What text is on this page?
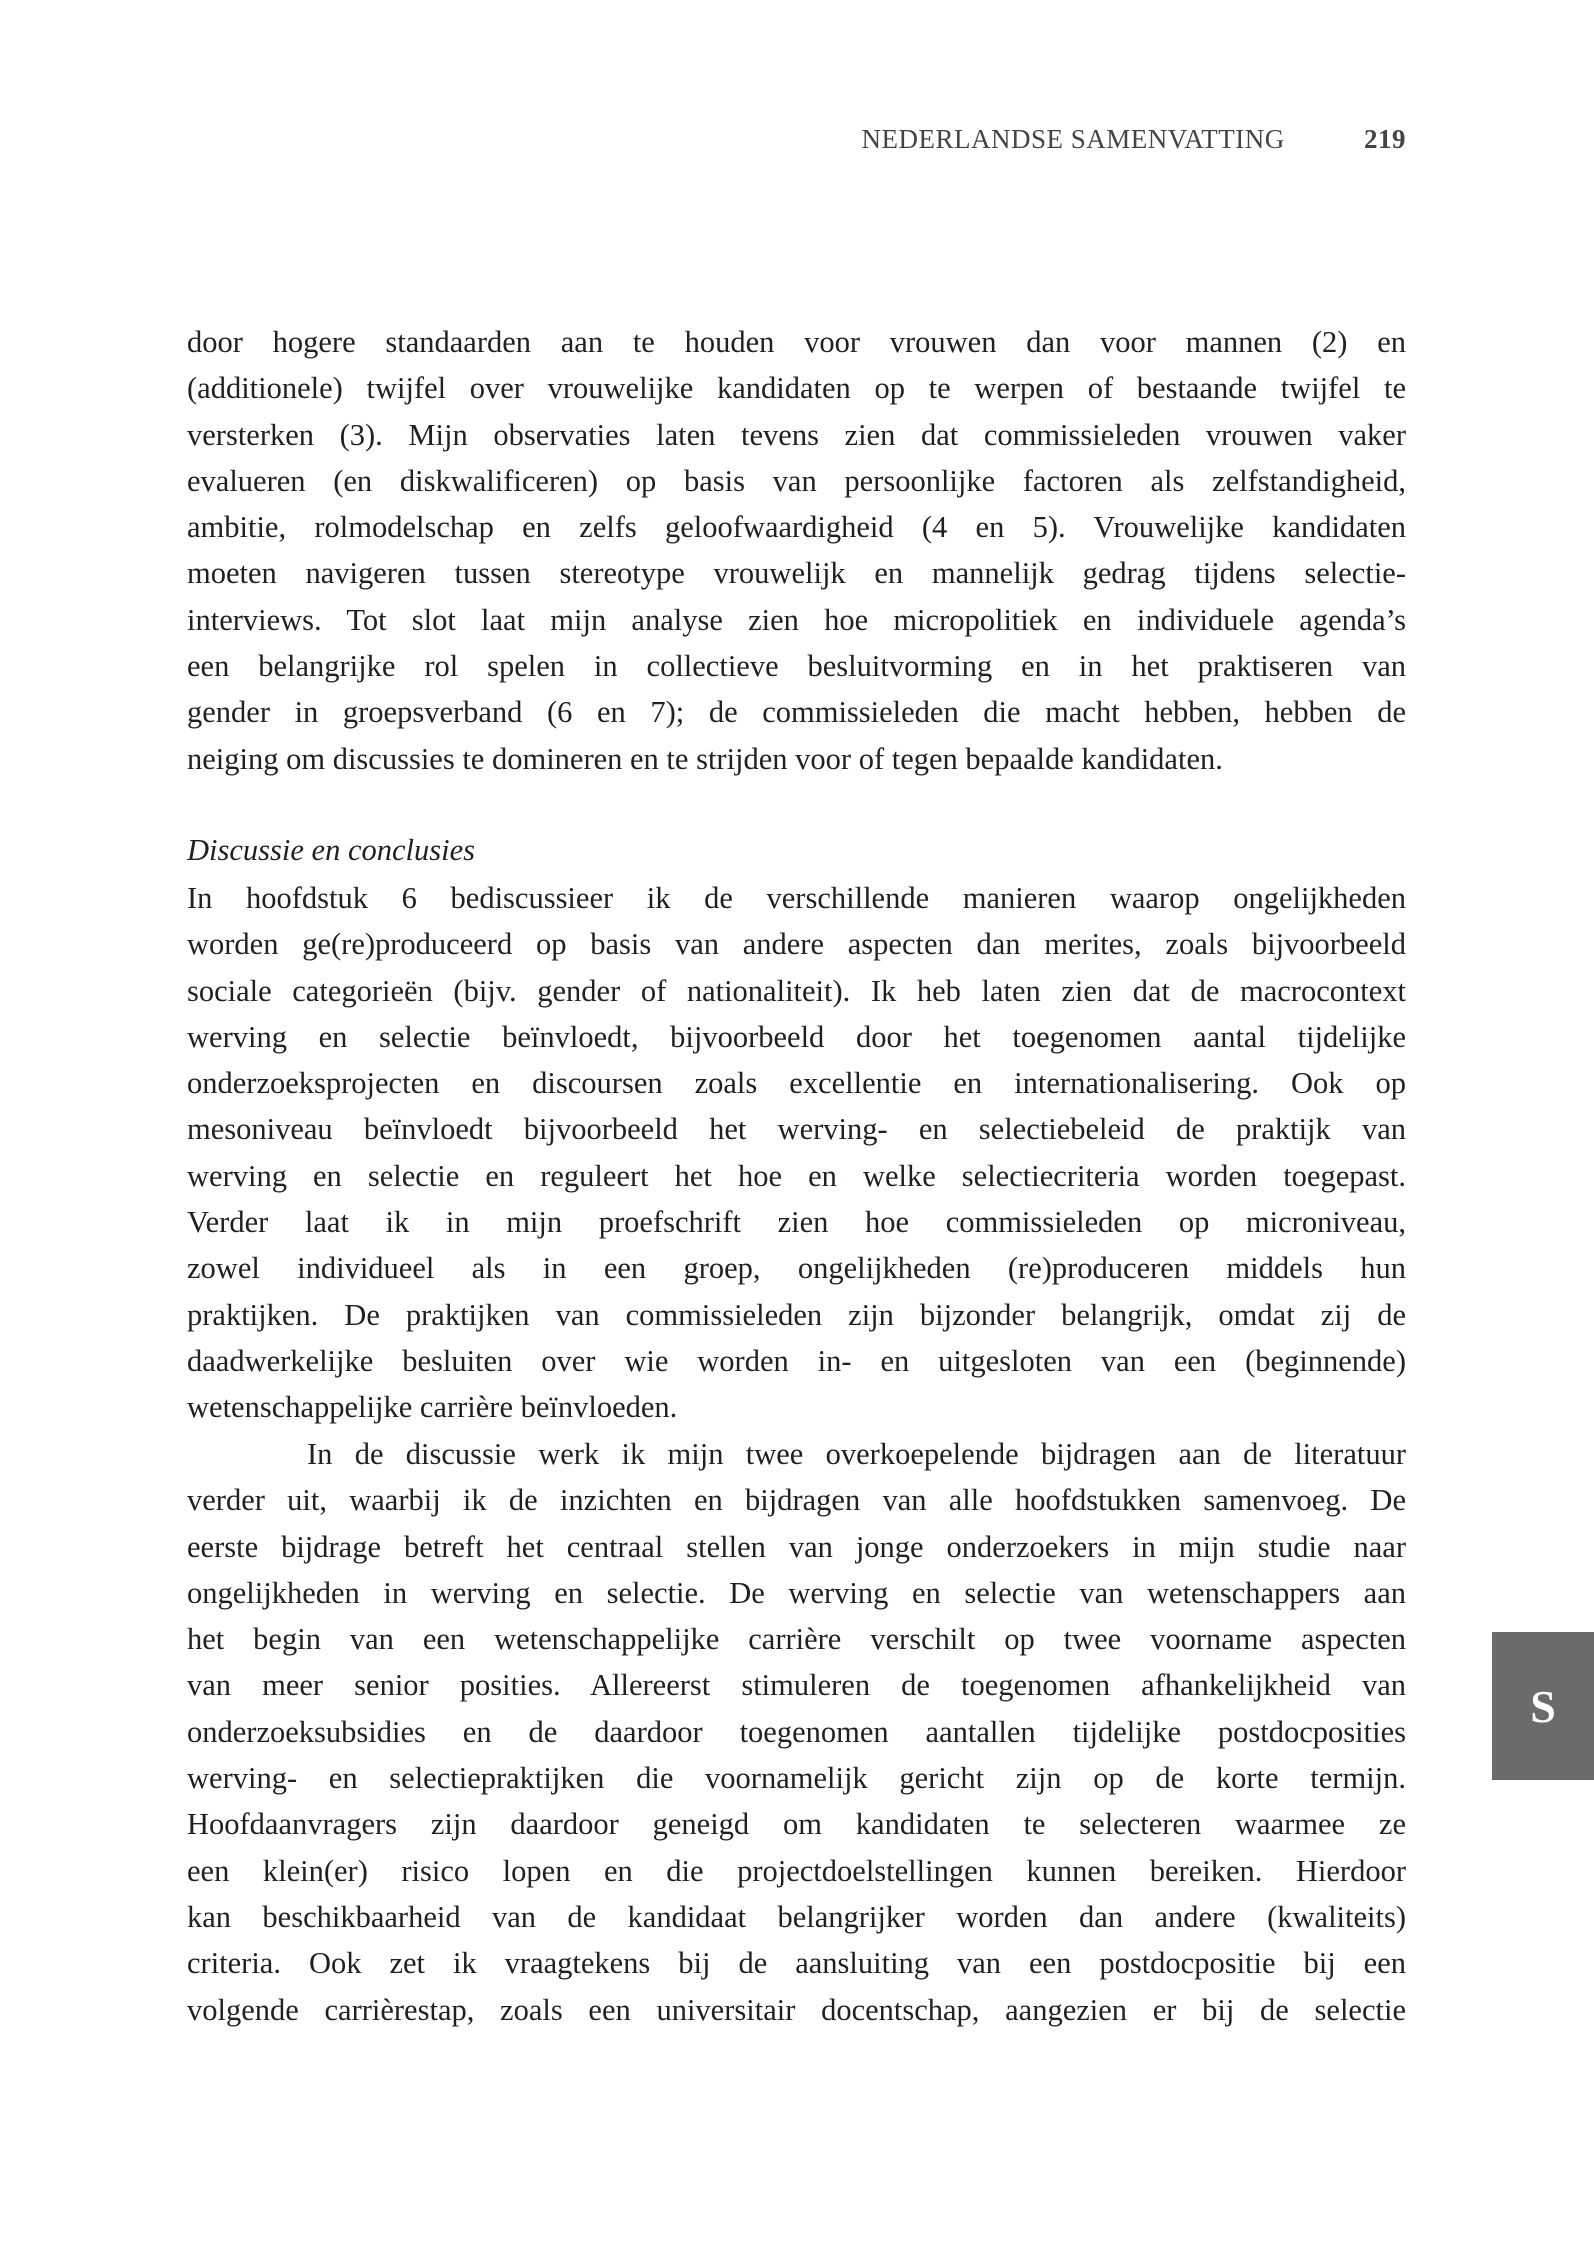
NEDERLANDSE SAMENVATTING	219
door hogere standaarden aan te houden voor vrouwen dan voor mannen (2) en
(additionele) twijfel over vrouwelijke kandidaten op te werpen of bestaande twijfel te
versterken (3). Mijn observaties laten tevens zien dat commissieleden vrouwen vaker
evalueren (en diskwalificeren) op basis van persoonlijke factoren als zelfstandigheid,
ambitie, rolmodelschap en zelfs geloofwaardigheid (4 en 5). Vrouwelijke kandidaten
moeten navigeren tussen stereotype vrouwelijk en mannelijk gedrag tijdens selectie-
interviews. Tot slot laat mijn analyse zien hoe micropolitiek en individuele agenda’s
een belangrijke rol spelen in collectieve besluitvorming en in het praktiseren van
gender in groepsverband (6 en 7); de commissieleden die macht hebben, hebben de
neiging om discussies te domineren en te strijden voor of tegen bepaalde kandidaten.
Discussie en conclusies
In hoofdstuk 6 bediscussieer ik de verschillende manieren waarop ongelijkheden
worden ge(re)produceerd op basis van andere aspecten dan merites, zoals bijvoorbeeld
sociale categorieën (bijv. gender of nationaliteit). Ik heb laten zien dat de macrocontext
werving en selectie beïnvloedt, bijvoorbeeld door het toegenomen aantal tijdelijke
onderzoeksprojecten en discoursen zoals excellentie en internationalisering. Ook op
mesoniveau beïnvloedt bijvoorbeeld het werving- en selectiebeleid de praktijk van
werving en selectie en reguleert het hoe en welke selectiecriteria worden toegepast.
Verder laat ik in mijn proefschrift zien hoe commissieleden op microniveau,
zowel individueel als in een groep, ongelijkheden (re)produceren middels hun
praktijken. De praktijken van commissieleden zijn bijzonder belangrijk, omdat zij de
daadwerkelijke besluiten over wie worden in- en uitgesloten van een (beginnende)
wetenschappelijke carrière beïnvloeden.
In de discussie werk ik mijn twee overkoepelende bijdragen aan de literatuur
verder uit, waarbij ik de inzichten en bijdragen van alle hoofdstukken samenvoeg. De
eerste bijdrage betreft het centraal stellen van jonge onderzoekers in mijn studie naar
ongelijkheden in werving en selectie. De werving en selectie van wetenschappers aan
het begin van een wetenschappelijke carrière verschilt op twee voorname aspecten
van meer senior posities. Allereerst stimuleren de toegenomen afhankelijkheid van
onderzoeksubsidies en de daardoor toegenomen aantallen tijdelijke postdocposities
werving- en selectiepraktijken die voornamelijk gericht zijn op de korte termijn.
Hoofdaanvragers zijn daardoor geneigd om kandidaten te selecteren waarmee ze
een klein(er) risico lopen en die projectdoelstellingen kunnen bereiken. Hierdoor
kan beschikbaarheid van de kandidaat belangrijker worden dan andere (kwaliteits)
criteria. Ook zet ik vraagtekens bij de aansluiting van een postdocpositie bij een
volgende carrièrestap, zoals een universitair docentschap, aangezien er bij de selectie
S
